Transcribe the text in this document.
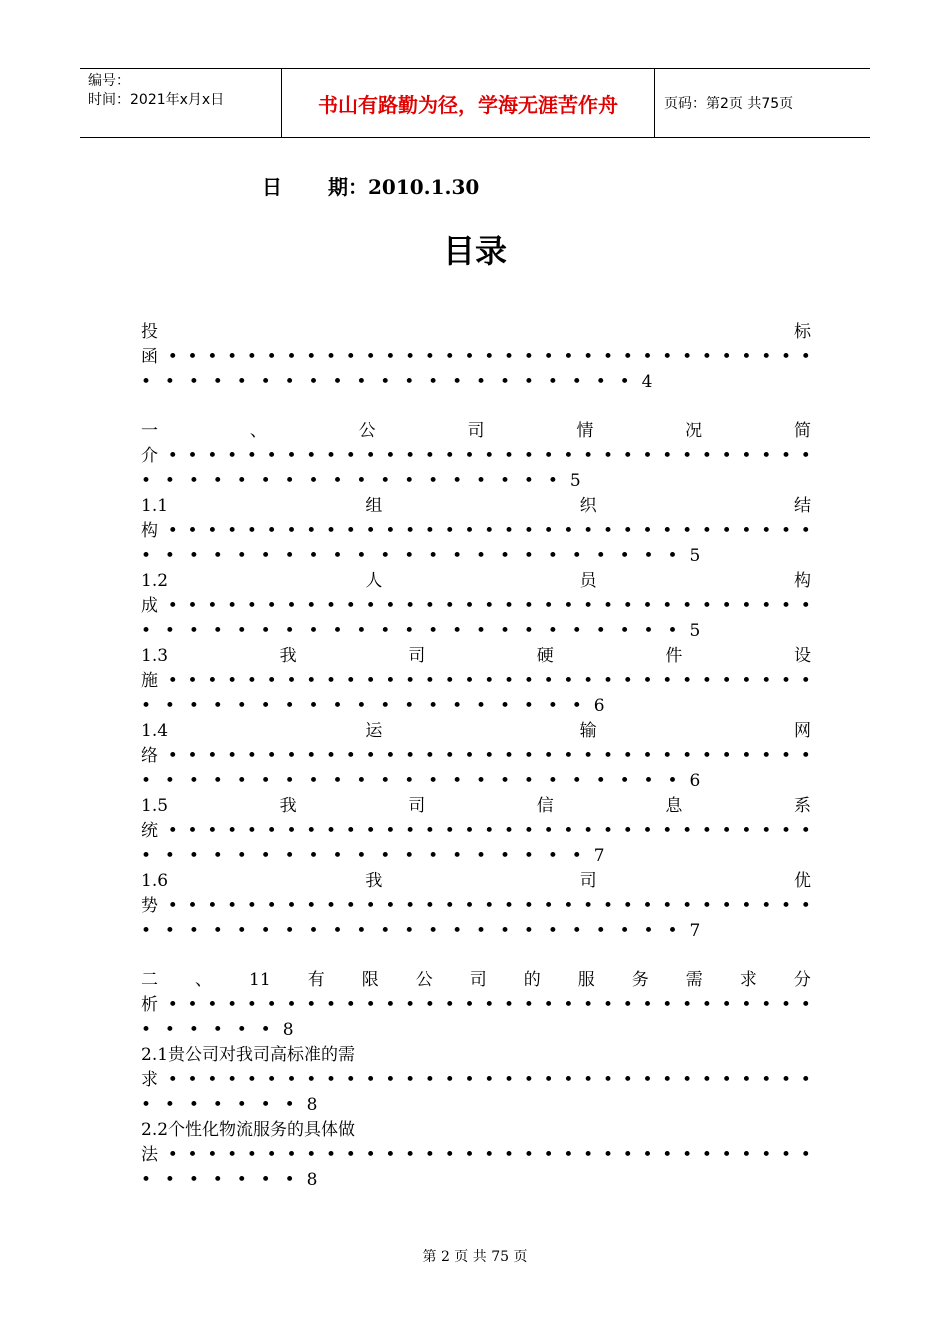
编号：
时间：2021年x月x日	书山有路勤为径，学海无涯苦作舟	页码：第2页 共75页
日 期：2010.1.30
目录
投	标
函 • • • • • • • • • • • • • • • • • • • • • • • • • • • • • • • • •
•  •  •  •  •  •  •  •  •  •  •  •  •  •  •  •  •  •  •  •  • 4
一	、	公	司	情	况	简
介 • • • • • • • • • • • • • • • • • • • • • • • • • • • • • • • • •
•  •  •  •  •  •  •  •  •  •  •  •  •  •  •  •  •  • 5
1.1	组	织	结
构 • • • • • • • • • • • • • • • • • • • • • • • • • • • • • • • • •
•  •  •  •  •  •  •  •  •  •  •  •  •  •  •  •  •  •  •  •  •  •  • 5
1.2	人	员	构
成 • • • • • • • • • • • • • • • • • • • • • • • • • • • • • • • • •
•  •  •  •  •  •  •  •  •  •  •  •  •  •  •  •  •  •  •  •  •  •  • 5
1.3	我	司	硬	件	设
施 • • • • • • • • • • • • • • • • • • • • • • • • • • • • • • • • •
•  •  •  •  •  •  •  •  •  •  •  •  •  •  •  •  •  •  • 6
1.4	运	输	网
络 • • • • • • • • • • • • • • • • • • • • • • • • • • • • • • • • •
•  •  •  •  •  •  •  •  •  •  •  •  •  •  •  •  •  •  •  •  •  •  • 6
1.5	我	司	信	息	系
统 • • • • • • • • • • • • • • • • • • • • • • • • • • • • • • • • •
•  •  •  •  •  •  •  •  •  •  •  •  •  •  •  •  •  •  • 7
1.6	我	司	优
势 • • • • • • • • • • • • • • • • • • • • • • • • • • • • • • • • •
•  •  •  •  •  •  •  •  •  •  •  •  •  •  •  •  •  •  •  •  •  •  • 7
二 、 11 有 限 公 司 的 服 务 需 求 分
析 • • • • • • • • • • • • • • • • • • • • • • • • • • • • • • • • •
•  •  •  •  •  • 8
2.1贵公司对我司高标准的需
求 • • • • • • • • • • • • • • • • • • • • • • • • • • • • • • • • •
•  •  •  •  •  •  • 8
2.2个性化物流服务的具体做
法 • • • • • • • • • • • • • • • • • • • • • • • • • • • • • • • • •
•  •  •  •  •  •  • 8
第 2 页 共 75 页
